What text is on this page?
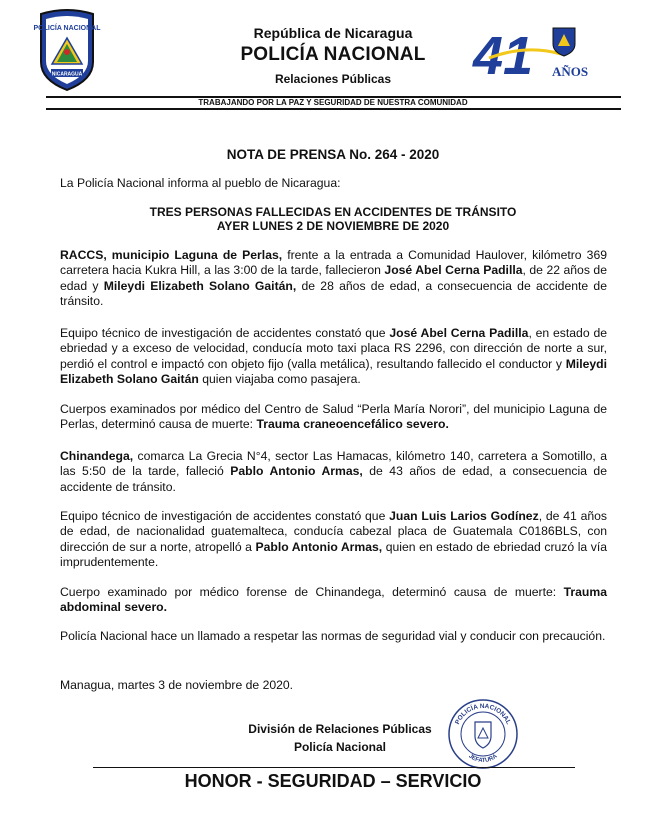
POLICÍA NACIONAL
NICARAGUA
República de Nicaragua
POLICÍA NACIONAL
Relaciones Públicas	41 AÑOS
TRABAJANDO POR LA PAZ Y SEGURIDAD DE NUESTRA COMUNIDAD
NOTA DE PRENSA No. 264 - 2020
La Policía Nacional informa al pueblo de Nicaragua:
TRES PERSONAS FALLECIDAS EN ACCIDENTES DE TRÁNSITO
AYER LUNES 2 DE NOVIEMBRE DE 2020
RACCS, municipio Laguna de Perlas, frente a la entrada a Comunidad Haulover, kilómetro 369 carretera hacia Kukra Hill, a las 3:00 de la tarde, fallecieron José Abel Cerna Padilla, de 22 años de edad y Mileydi Elizabeth Solano Gaitán, de 28 años de edad, a consecuencia de accidente de tránsito.
Equipo técnico de investigación de accidentes constató que José Abel Cerna Padilla, en estado de ebriedad y a exceso de velocidad, conducía moto taxi placa RS 2296, con dirección de norte a sur, perdió el control e impactó con objeto fijo (valla metálica), resultando fallecido el conductor y Mileydi Elizabeth Solano Gaitán quien viajaba como pasajera.
Cuerpos examinados por médico del Centro de Salud “Perla María Norori”, del municipio Laguna de Perlas, determinó causa de muerte: Trauma craneoencefálico severo.
Chinandega, comarca La Grecia N°4, sector Las Hamacas, kilómetro 140, carretera a Somotillo, a las 5:50 de la tarde, falleció Pablo Antonio Armas, de 43 años de edad, a consecuencia de accidente de tránsito.
Equipo técnico de investigación de accidentes constató que Juan Luis Larios Godínez, de 41 años de edad, de nacionalidad guatemalteca, conducía cabezal placa de Guatemala C0186BLS, con dirección de sur a norte, atropelló a Pablo Antonio Armas, quien en estado de ebriedad cruzó la vía imprudentemente.
Cuerpo examinado por médico forense de Chinandega, determinó causa de muerte: Trauma abdominal severo.
Policía Nacional hace un llamado a respetar las normas de seguridad vial y conducir con precaución.
Managua, martes 3 de noviembre de 2020.
División de Relaciones Públicas
Policía Nacional
POLICÍA NACIONAL
JEFATURA
HONOR - SEGURIDAD – SERVICIO
